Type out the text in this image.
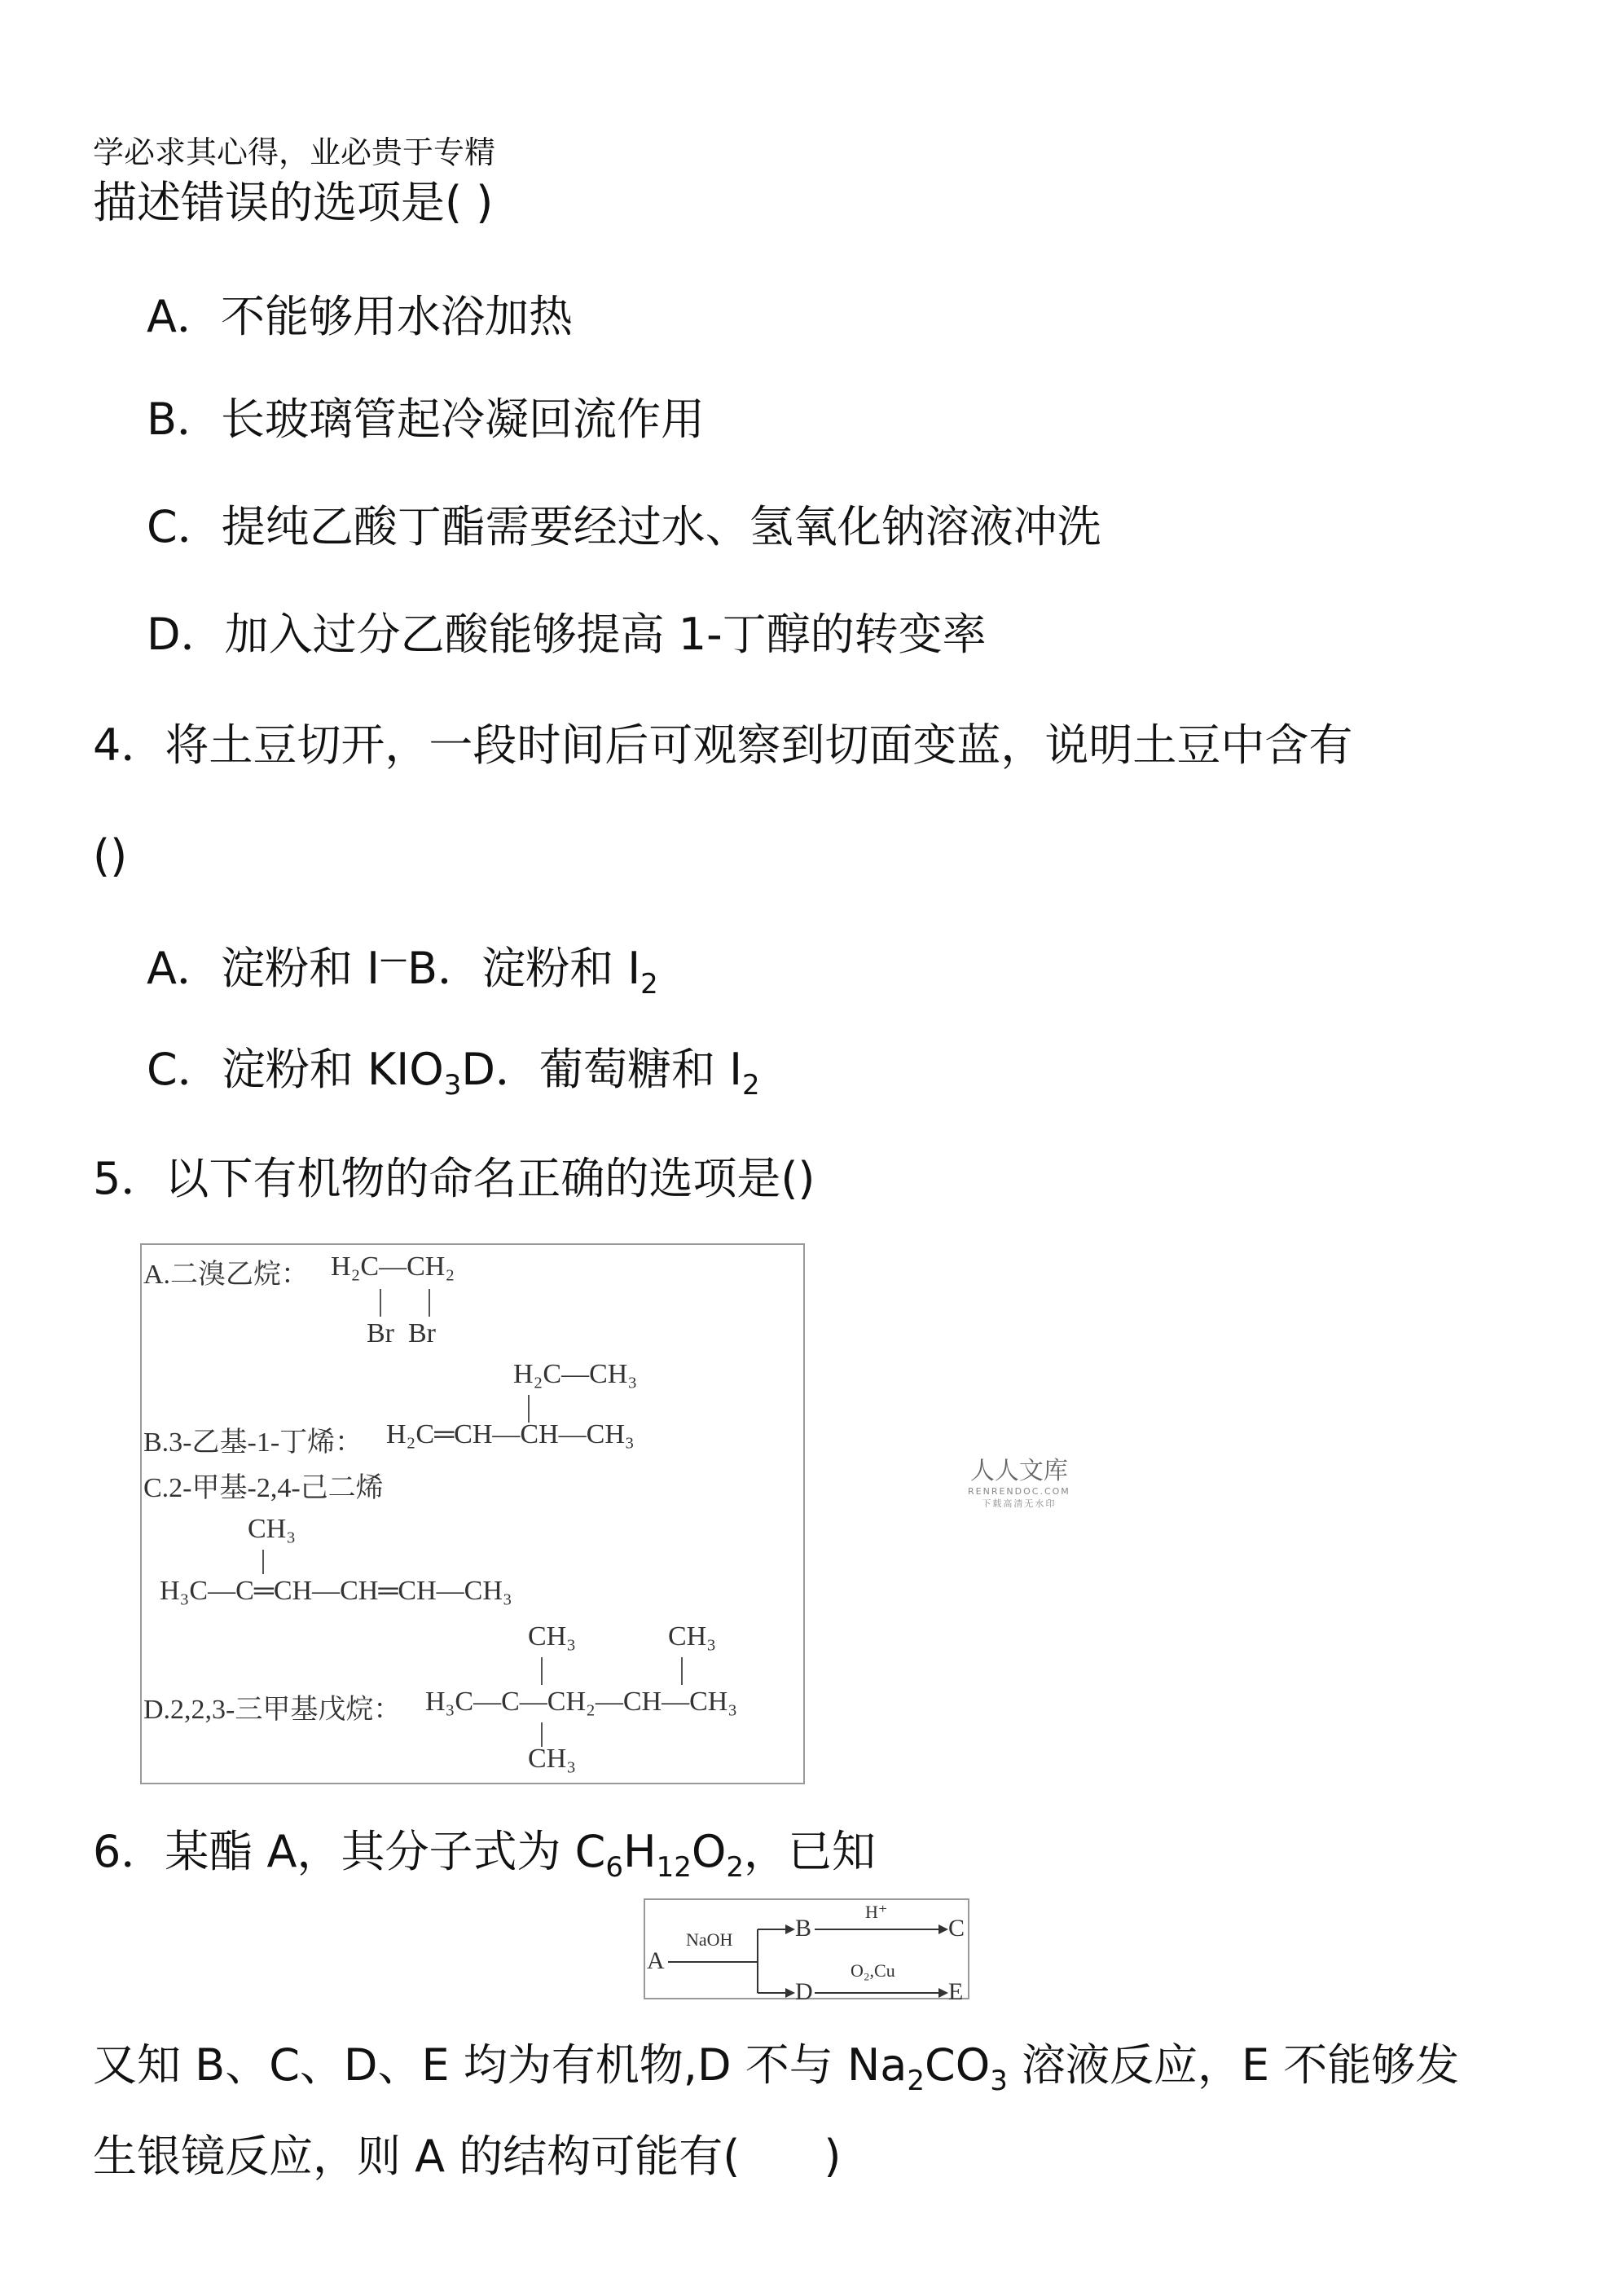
学必求其心得，业必贵于专精
描述错误的选项是( )
A．不能够用水浴加热
B．长玻璃管起冷凝回流作用
C．提纯乙酸丁酯需要经过水、氢氧化钠溶液冲洗
D．加入过分乙酸能够提高 1-丁醇的转变率
4．将土豆切开，一段时间后可观察到切面变蓝，说明土豆中含有
()
A．淀粉和 I—B．淀粉和 $I_2$
C．淀粉和 $KIO_3D$．葡萄糖和 $I_2$
5．以下有机物的命名正确的选项是()
A.二溴乙烷： H₂C—CH₂
Br  Br
H₂C—CH₃
B.3-乙基-1-丁烯： H₂C═CH—CH—CH₃
C.2-甲基-2,4-己二烯
CH₃
H₃C—C═CH—CH═CH—CH₃
CH₃	CH₃
D.2,2,3-三甲基戊烷： H₃C—C—CH₂—CH—CH₃
CH₃
人人文库
RENRENDOC.COM
下载高清无水印
6．某酯 A，其分子式为 $C_6H_{12}O_2$，已知
A
NaOH	B
H⁺
C
D
O₂,Cu
E
又知 B、C、D、E 均为有机物,D 不与 $Na_2CO_3$ 溶液反应，E 不能够发
生银镜反应，则 A 的结构可能有(      )
